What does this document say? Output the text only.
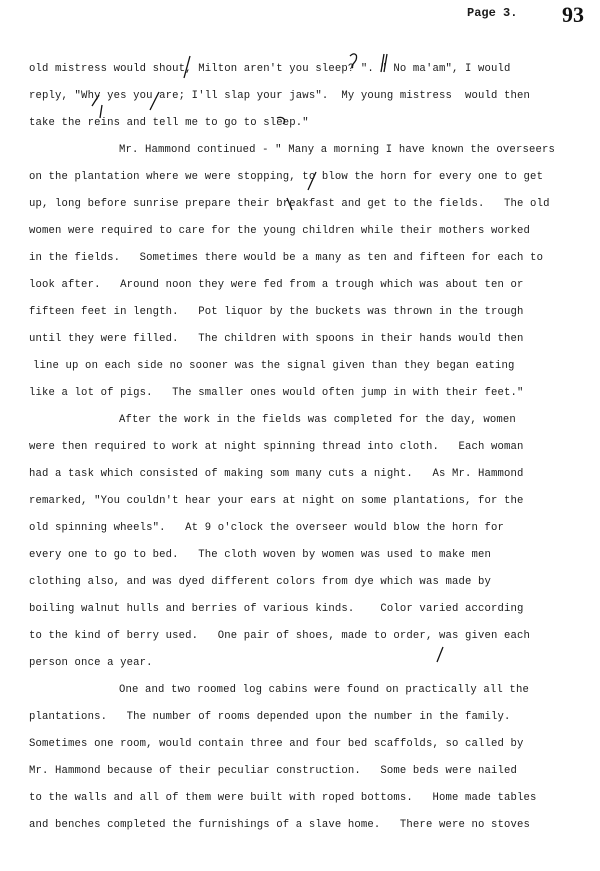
Page 3. 93
old mistress would shout, Milton aren't you sleep? ". " No ma'am", I would
reply, "Why yes you are; I'll slap your jaws".  My young mistress  would then
take the reins and tell me to go to sleep."
Mr. Hammond continued - " Many a morning I have known the overseers
on the plantation where we were stopping, to blow the horn for every one to get
up, long before sunrise prepare their breakfast and get to the fields.   The old
women were required to care for the young children while their mothers worked
in the fields.   Sometimes there would be a many as ten and fifteen for each to
look after.   Around noon they were fed from a trough which was about ten or
fifteen feet in length.   Pot liquor by the buckets was thrown in the trough
until they were filled.   The children with spoons in their hands would then
line up on each side no sooner was the signal given than they began eating
like a lot of pigs.   The smaller ones would often jump in with their feet."
After the work in the fields was completed for the day, women
were then required to work at night spinning thread into cloth.   Each woman
had a task which consisted of making som many cuts a night.   As Mr. Hammond
remarked, "You couldn't hear your ears at night on some plantations, for the
old spinning wheels".   At 9 o'clock the overseer would blow the horn for
every one to go to bed.   The cloth woven by women was used to make men
clothing also, and was dyed different colors from dye which was made by
boiling walnut hulls and berries of various kinds.    Color varied according
to the kind of berry used.   One pair of shoes, made to order, was given each
person once a year.
One and two roomed log cabins were found on practically all the
plantations.   The number of rooms depended upon the number in the family.
Sometimes one room, would contain three and four bed scaffolds, so called by
Mr. Hammond because of their peculiar construction.   Some beds were nailed
to the walls and all of them were built with roped bottoms.   Home made tables
and benches completed the furnishings of a slave home.   There were no stoves
